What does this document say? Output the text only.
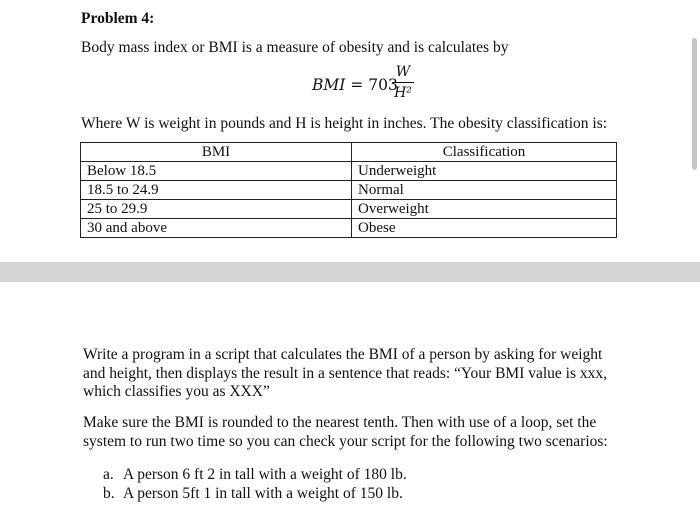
Problem 4:
Body mass index or BMI is a measure of obesity and is calculates by
BMI = 703
W
H²
Where W is weight in pounds and H is height in inches. The obesity classification is:
BMI	Classification
Below 18.5	Underweight
18.5 to 24.9	Normal
25 to 29.9	Overweight
30 and above	Obese
Write a program in a script that calculates the BMI of a person by asking for weight
and height, then displays the result in a sentence that reads: “Your BMI value is xxx,
which classifies you as XXX”
Make sure the BMI is rounded to the nearest tenth. Then with use of a loop, set the
system to run two time so you can check your script for the following two scenarios:
a. A person 6 ft 2 in tall with a weight of 180 lb.
b. A person 5ft 1 in tall with a weight of 150 lb.
